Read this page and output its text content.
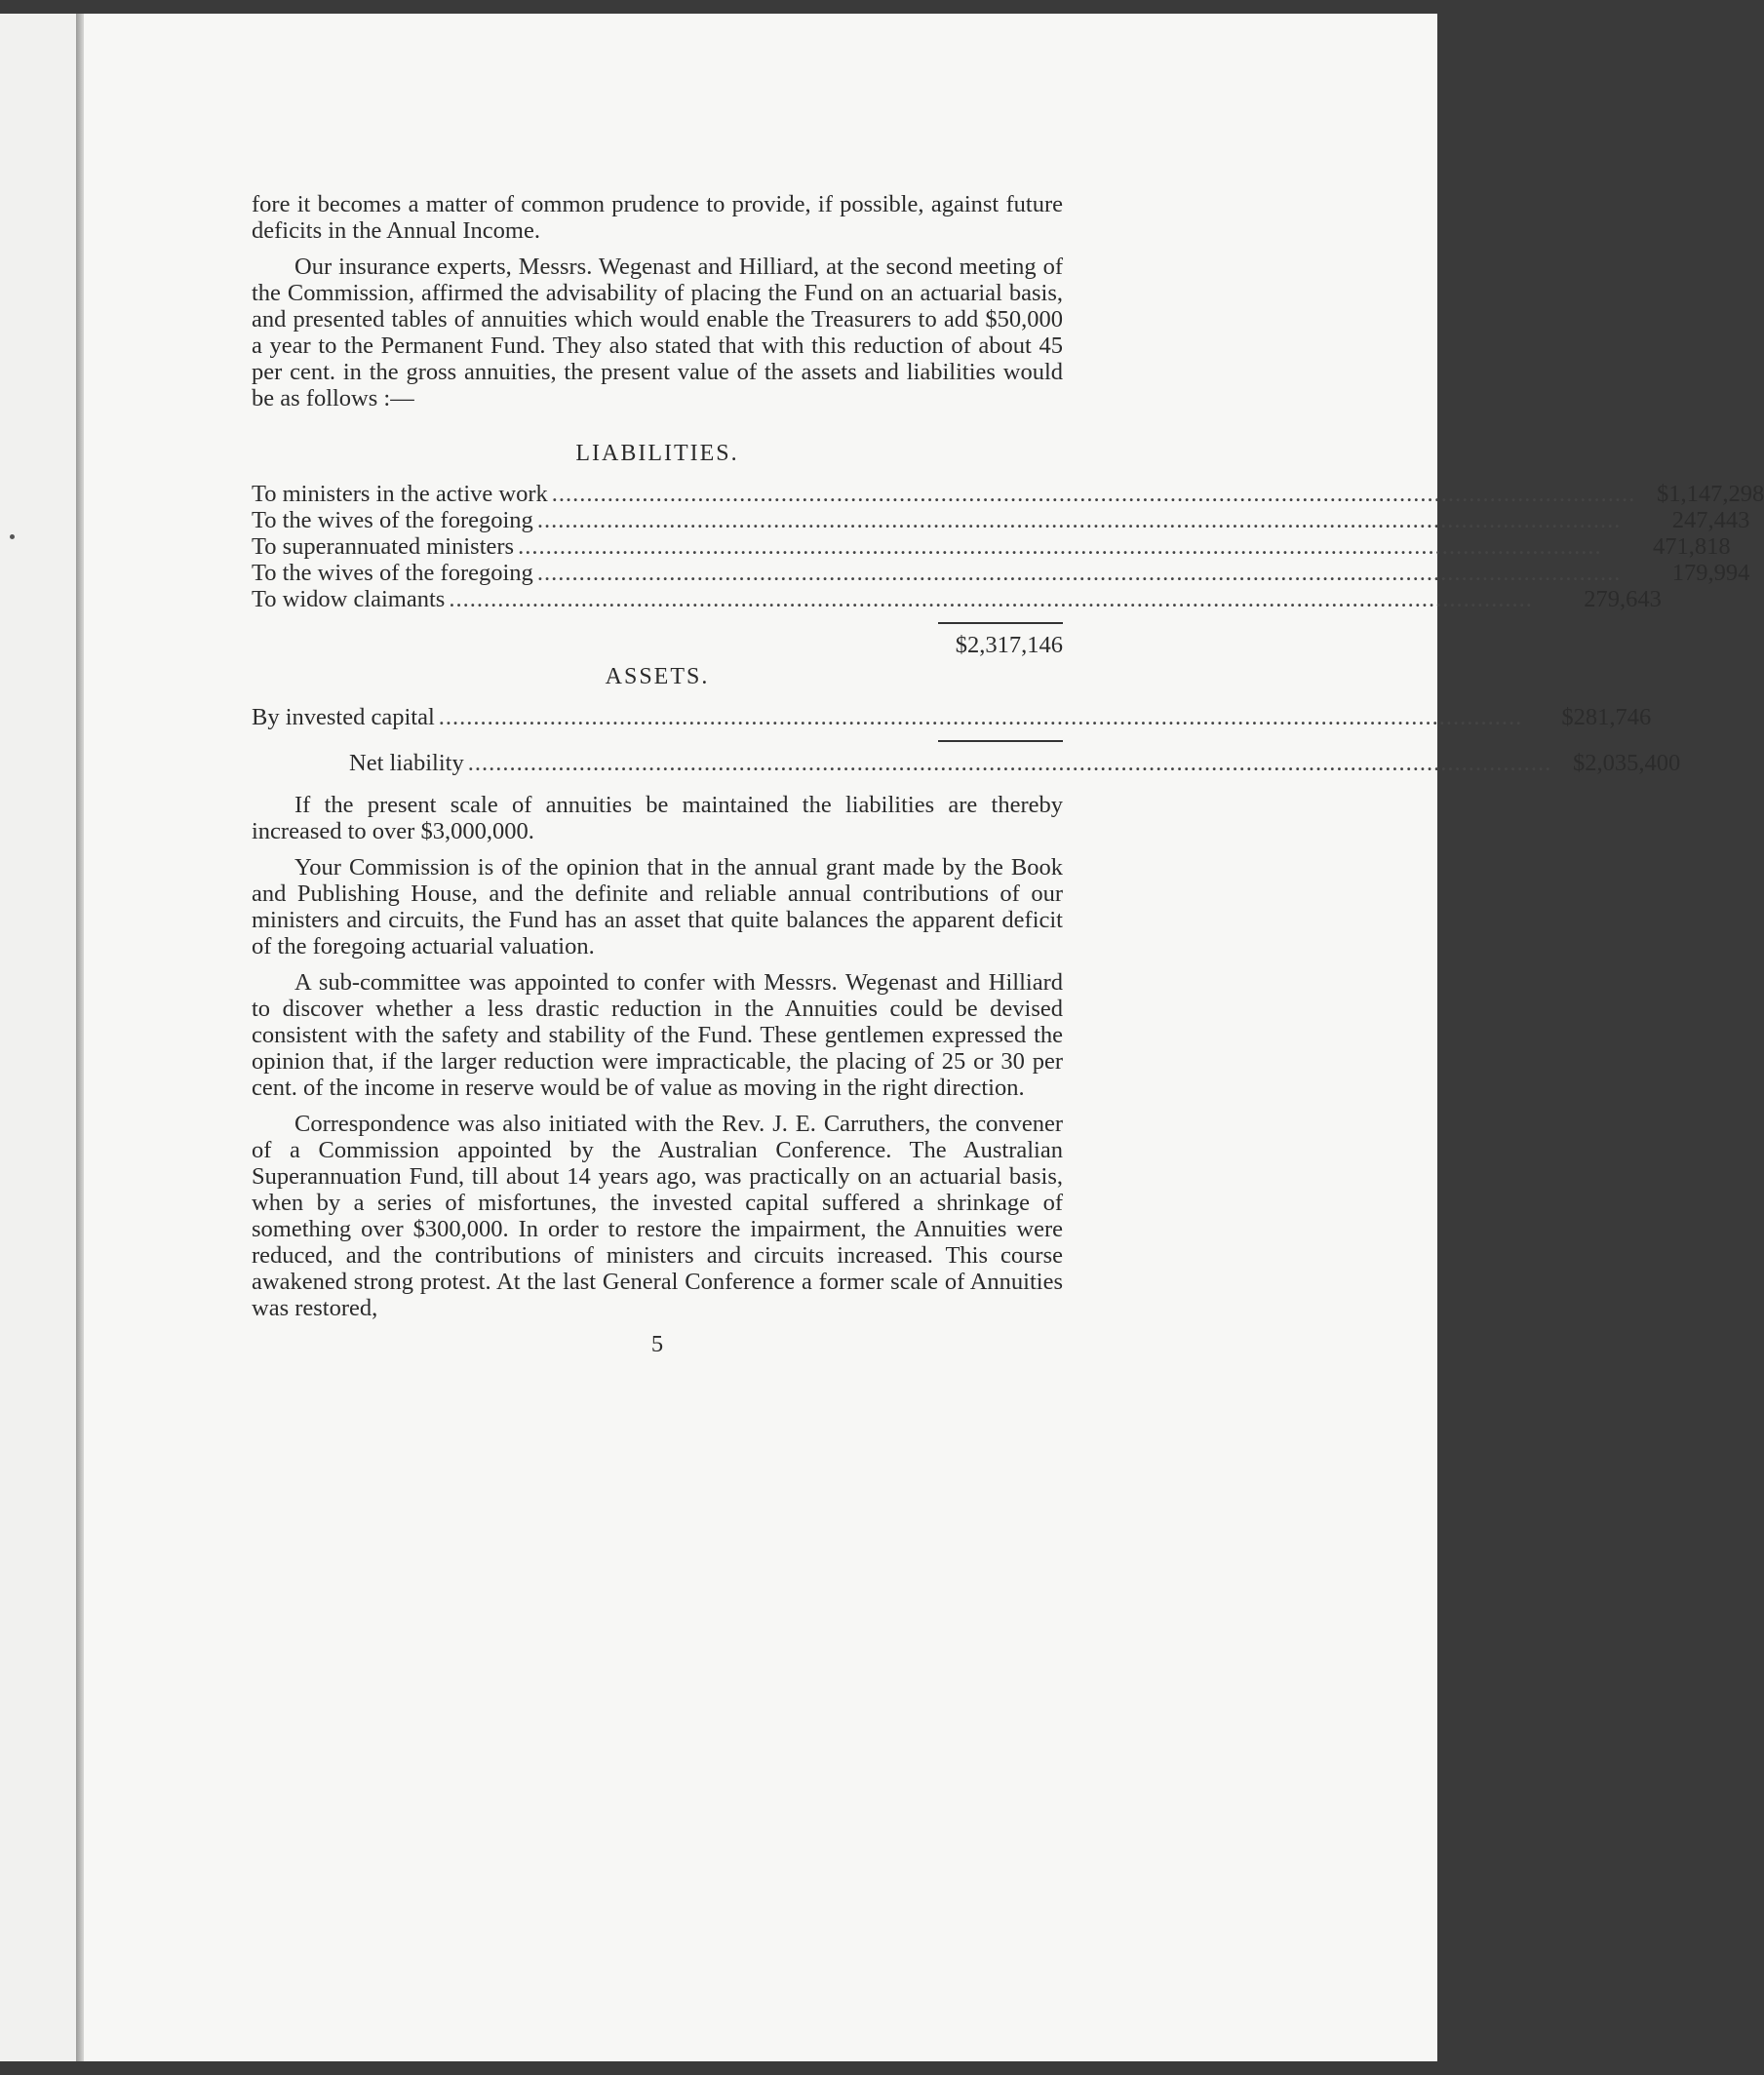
fore it becomes a matter of common prudence to provide, if possible, against future deficits in the Annual Income.

Our insurance experts, Messrs. Wegenast and Hilliard, at the second meeting of the Commission, affirmed the advisability of placing the Fund on an actuarial basis, and presented tables of annuities which would enable the Treasurers to add $50,000 a year to the Permanent Fund. They also stated that with this reduction of about 45 per cent. in the gross annuities, the present value of the assets and liabilities would be as follows :—

LIABILITIES.
To ministers in the active work ............................................................................................................................................................ $1,147,298
To the wives of the foregoing ............................................................................................................................................................	247,443
To superannuated ministers ............................................................................................................................................................	471,818
To the wives of the foregoing ............................................................................................................................................................	179,994
To widow claimants ............................................................................................................................................................	279,643
$2,317,146
ASSETS.
By invested capital ............................................................................................................................................................	$281,746
Net liability ............................................................................................................................................................ $2,035,400

If the present scale of annuities be maintained the liabilities are thereby increased to over $3,000,000.

Your Commission is of the opinion that in the annual grant made by the Book and Publishing House, and the definite and reliable annual contributions of our ministers and circuits, the Fund has an asset that quite balances the apparent deficit of the foregoing actuarial valuation.

A sub-committee was appointed to confer with Messrs. Wegenast and Hilliard to discover whether a less drastic reduction in the Annuities could be devised consistent with the safety and stability of the Fund. These gentlemen expressed the opinion that, if the larger reduction were impracticable, the placing of 25 or 30 per cent. of the income in reserve would be of value as moving in the right direction.

Correspondence was also initiated with the Rev. J. E. Carruthers, the convener of a Commission appointed by the Australian Conference. The Australian Superannuation Fund, till about 14 years ago, was practically on an actuarial basis, when by a series of misfortunes, the invested capital suffered a shrinkage of something over $300,000. In order to restore the impairment, the Annuities were reduced, and the contributions of ministers and circuits increased. This course awakened strong protest. At the last General Conference a former scale of Annuities was restored,

5
